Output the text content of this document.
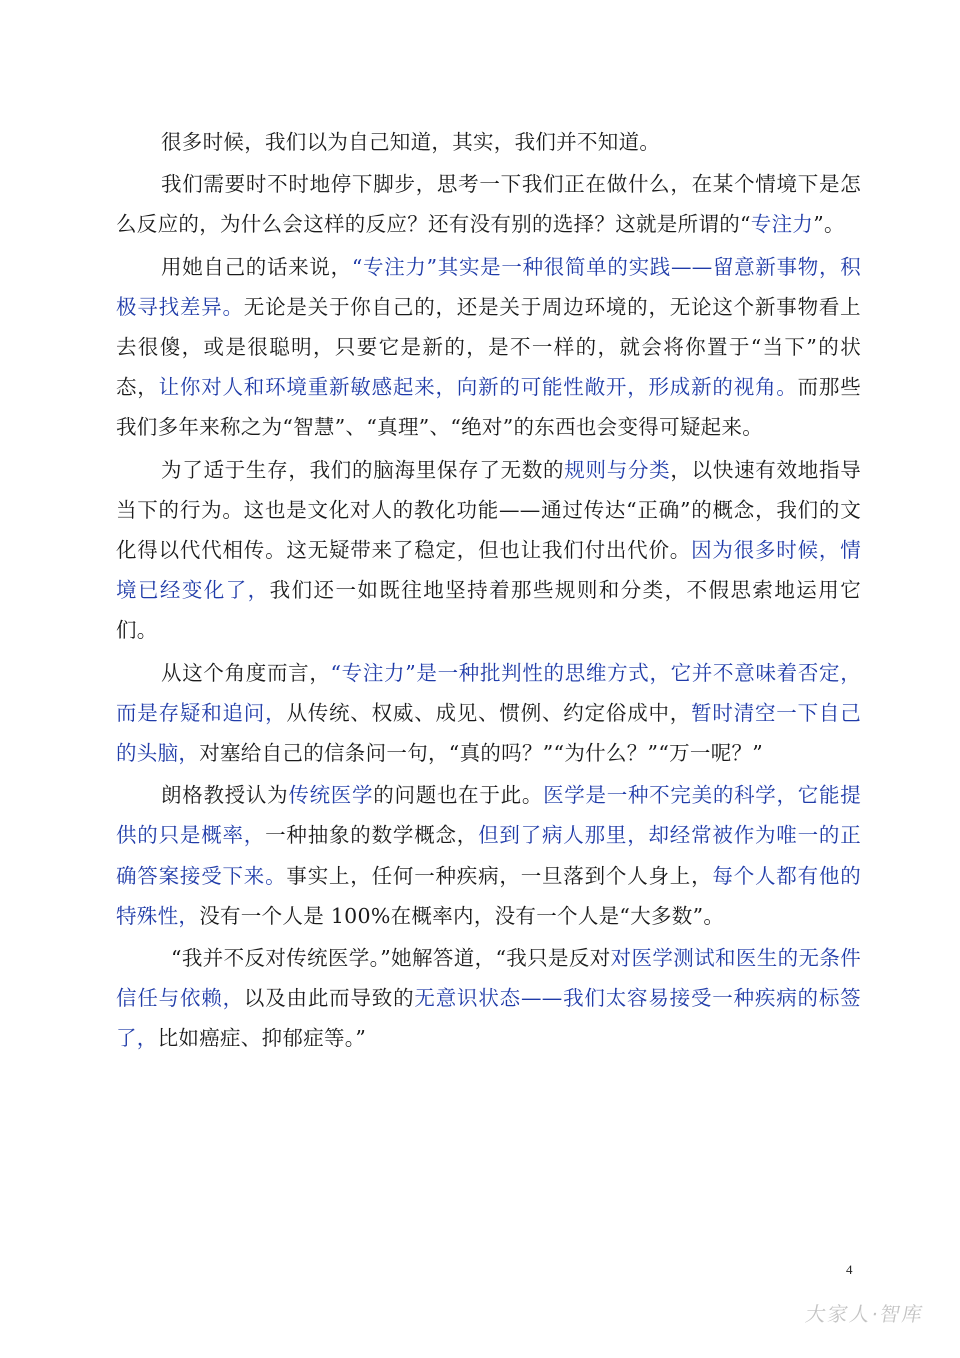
很多时候，我们以为自己知道，其实，我们并不知道。

我们需要时不时地停下脚步，思考一下我们正在做什么，在某个情境下是怎么反应的，为什么会这样的反应？还有没有别的选择？这就是所谓的“专注力”。

用她自己的话来说，“专注力”其实是一种很简单的实践——留意新事物，积极寻找差异。无论是关于你自己的，还是关于周边环境的，无论这个新事物看上去很傻，或是很聪明，只要它是新的，是不一样的，就会将你置于“当下”的状态，让你对人和环境重新敏感起来，向新的可能性敞开，形成新的视角。而那些我们多年来称之为“智慧”、“真理”、“绝对”的东西也会变得可疑起来。

为了适于生存，我们的脑海里保存了无数的规则与分类，以快速有效地指导当下的行为。这也是文化对人的教化功能——通过传达“正确”的概念，我们的文化得以代代相传。这无疑带来了稳定，但也让我们付出代价。因为很多时候，情境已经变化了，我们还一如既往地坚持着那些规则和分类，不假思索地运用它们。

从这个角度而言，“专注力”是一种批判性的思维方式，它并不意味着否定，而是存疑和追问，从传统、权威、成见、惯例、约定俗成中，暂时清空一下自己的头脑，对塞给自己的信条问一句，“真的吗？”“为什么？”“万一呢？”

朗格教授认为传统医学的问题也在于此。医学是一种不完美的科学，它能提供的只是概率，一种抽象的数学概念，但到了病人那里，却经常被作为唯一的正确答案接受下来。事实上，任何一种疾病，一旦落到个人身上，每个人都有他的特殊性，没有一个人是 100%在概率内，没有一个人是“大多数”。

“我并不反对传统医学。”她解答道，“我只是反对对医学测试和医生的无条件信任与依赖，以及由此而导致的无意识状态——我们太容易接受一种疾病的标签了，比如癌症、抑郁症等。”

4
大家人·智库
